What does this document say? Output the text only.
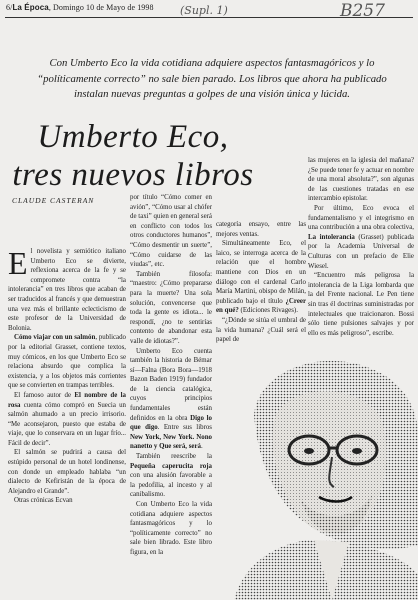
6/La Época, Domingo 10 de Mayo de 1998 (Supl. 1)	B257
Con Umberto Eco la vida cotidiana adquiere aspectos fantasmagóricos y lo “políticamente correcto” no sale bien parado. Los libros que ahora ha publicado instalan nuevas preguntas a golpes de una visión única y lúcida.
Umberto Eco, tres nuevos libros
CLAUDE CASTERAN

El novelista y semiótico italiano Umberto Eco se divierte, reflexiona acerca de la fe y se compromete contra “la intolerancia” en tres libros que acaban de ser traducidos al francés y que demuestran una vez más el brillante eclecticismo de este profesor de la Universidad de Bolonia.

Cómo viajar con un salmón, publicado por la editorial Grasset, contiene textos, muy cómicos, en los que Umberto Eco se relaciona absurdo que complica la existencia, y a los objetos más corrientes que se convierten en trampas terribles.

El famoso autor de El nombre de la rosa cuenta cómo compró en Suecia un salmón ahumado a un precio irrisorio. “Me aconsejaron, puesto que estaba de viaje, que lo conservara en un lugar frío... Fácil de decir”.

El salmón se pudrirá a causa del estúpido personal de un hotel londinense, con donde un empleado hablaba “un dialecto de Kefiristán de la época de Alejandro el Grande”.

Otras crónicas Ecvan

por título “Cómo comer en avión”, “Cómo usar al chófer de taxi” quien en general será en conflicto con todos los otros conductores humanos”, “Cómo desmentir un suerte”, “Cómo cuidarse de las viudas”, etc.

También filosofa: “maestro: ¿Cómo prepararse para la muerte? Una sola solución, convencerse que toda la gente es idiota... le respondí, ¿no te sentirías contento de abandonar esta valle de idiotas?”.

Umberto Eco cuenta también la historia de Bémar sí—Falna (Bora Bora—1918 Bazon Baden 1919) fundador de la ciencia catalógica, cuyos principios fundamentales están definidos en la obra Digo lo que digo. Entre sus libros New York, New York. Nono nanetto y Que será, será.

También reescribe la Pequeña caperucita roja con una alusión favorable a la pedofilia, al incesto y al canibalismo.

Con Umberto Eco la vida cotidiana adquiere aspectos fantasmagóricos y lo “políticamente correcto” no sale bien librado. Este libro figura, en la

categoría ensayo, entre las mejores ventas.

Simultáneamente Eco, el laico, se interroga acerca de la relación que el hombre mantiene con Dios en un diálogo con el cardenal Carlo María Martini, obispo de Milán, publicado bajo el título ¿Creer en qué? (Ediciones Rivages).

“¿Dónde se sitúa el umbral de la vida humana? ¿Cuál será el papel de

las mujeres en la iglesia del mañana? ¿Se puede tener fe y actuar en nombre de una moral absoluta?”, son algunas de las cuestiones tratadas en ese intercambio epistolar.

Por último, Eco evoca el fundamentalismo y el integrismo en una contribución a una obra colectiva, La intolerancia (Grasset) publicada por la Academia Universal de Culturas con un prefacio de Elie Wiesel.

“Encuentro más peligrosa la intolerancia de la Liga lombarda que la del Frente nacional. Le Pen tiene sin tras él doctrinas suministradas por intelectuales que traicionaron. Bossi sólo tiene pulsiones salvajes y por ello es más peligroso”, escribe.
